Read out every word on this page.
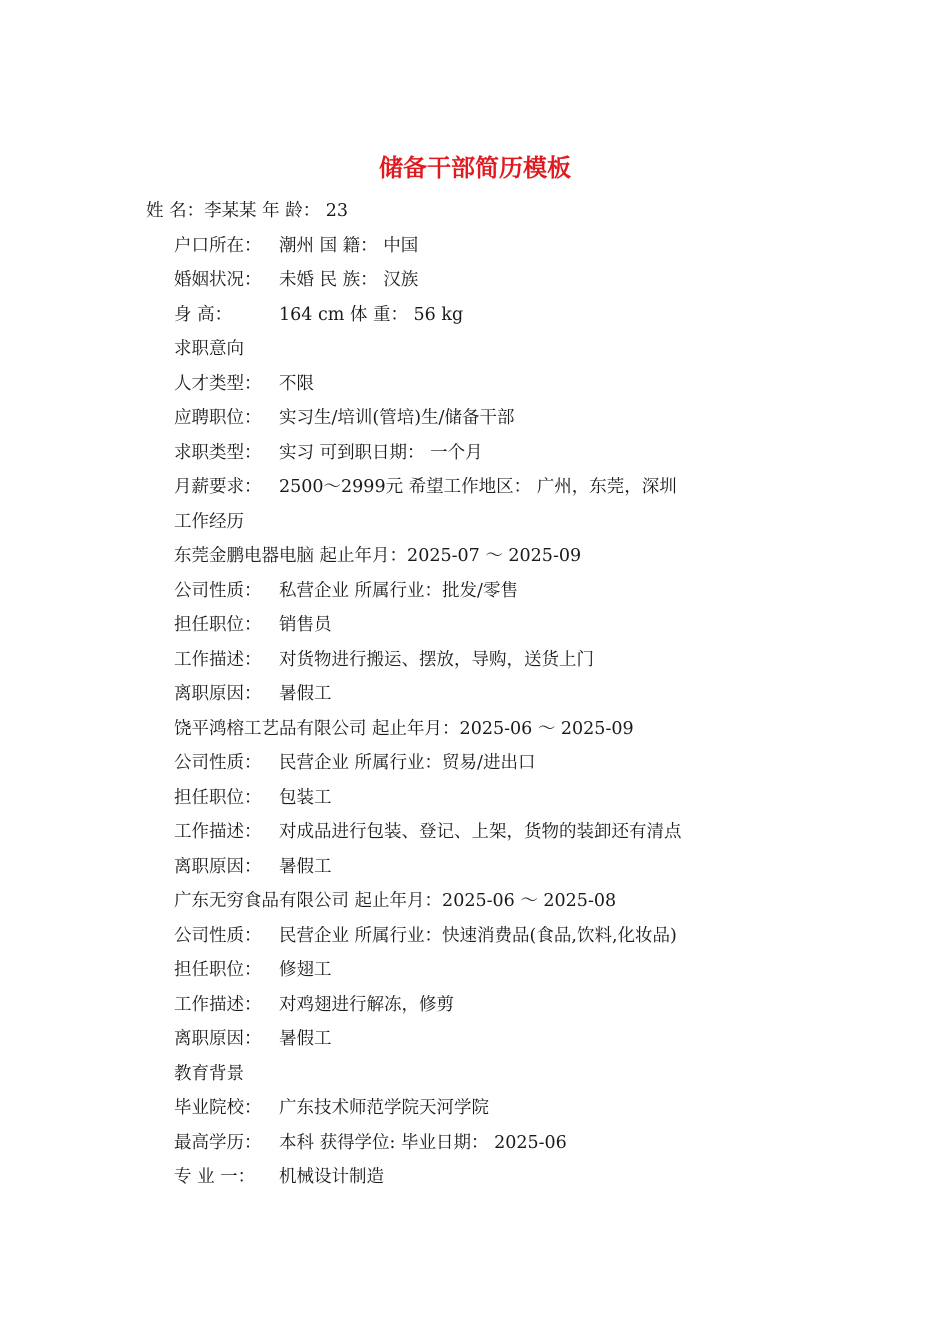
储备干部简历模板
姓 名：李某某 年 龄： 23
户口所在： 潮州 国 籍： 中国
婚姻状况： 未婚 民 族： 汉族
身 高：	164 cm 体 重： 56 kg
求职意向
人才类型： 不限
应聘职位： 实习生/培训(管培)生/储备干部
求职类型： 实习 可到职日期： 一个月
月薪要求： 2500～2999元 希望工作地区： 广州，东莞，深圳
工作经历
东莞金鹏电器电脑 起止年月：2025-07 ～ 2025-09
公司性质： 私营企业 所属行业：批发/零售
担任职位： 销售员
工作描述： 对货物进行搬运、摆放，导购，送货上门
离职原因： 暑假工
饶平鸿榕工艺品有限公司 起止年月：2025-06 ～ 2025-09
公司性质： 民营企业 所属行业：贸易/进出口
担任职位： 包装工
工作描述： 对成品进行包装、登记、上架，货物的装卸还有清点
离职原因： 暑假工
广东无穷食品有限公司 起止年月：2025-06 ～ 2025-08
公司性质： 民营企业 所属行业：快速消费品(食品,饮料,化妆品)
担任职位： 修翅工
工作描述： 对鸡翅进行解冻，修剪
离职原因： 暑假工
教育背景
毕业院校： 广东技术师范学院天河学院
最高学历： 本科 获得学位: 毕业日期： 2025-06
专 业 一： 机械设计制造
